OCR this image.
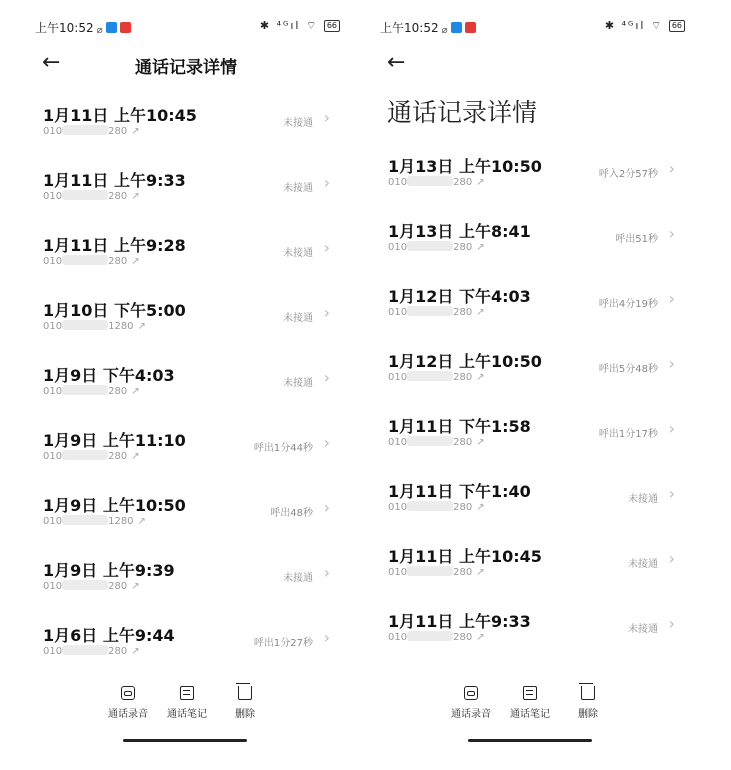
上午10:52 ⌀	✱ ⁴ᴳıl ⌔ 66
←	通话记录详情
1月11日 上午10:45
010	280 ↗
未接通 ›
1月11日 上午9:33
010	280 ↗
未接通 ›
1月11日 上午9:28
010	280 ↗
未接通 ›
1月10日 下午5:00
010	1280 ↗
未接通 ›
1月9日 下午4:03
010	280 ↗
未接通 ›
1月9日 上午11:10
010	280 ↗
呼出1分44秒 ›
1月9日 上午10:50
010	1280 ↗
呼出48秒 ›
1月9日 上午9:39
010	280 ↗
未接通 ›
1月6日 上午9:44
010	280 ↗
呼出1分27秒 ›
通话录音 通话笔记	删除
上午10:52 ⌀	✱ ⁴ᴳıl ⌔ 66
←
通话记录详情
1月13日 上午10:50
010	280 ↗
呼入2分57秒 ›
1月13日 上午8:41
010	280 ↗
呼出51秒 ›
1月12日 下午4:03
010	280 ↗
呼出4分19秒 ›
1月12日 上午10:50
010	280 ↗
呼出5分48秒 ›
1月11日 下午1:58
010	280 ↗
呼出1分17秒 ›
1月11日 下午1:40
010	280 ↗
未接通 ›
1月11日 上午10:45
010	280 ↗
未接通 ›
1月11日 上午9:33
010	280 ↗
未接通 ›
通话录音 通话笔记	删除
